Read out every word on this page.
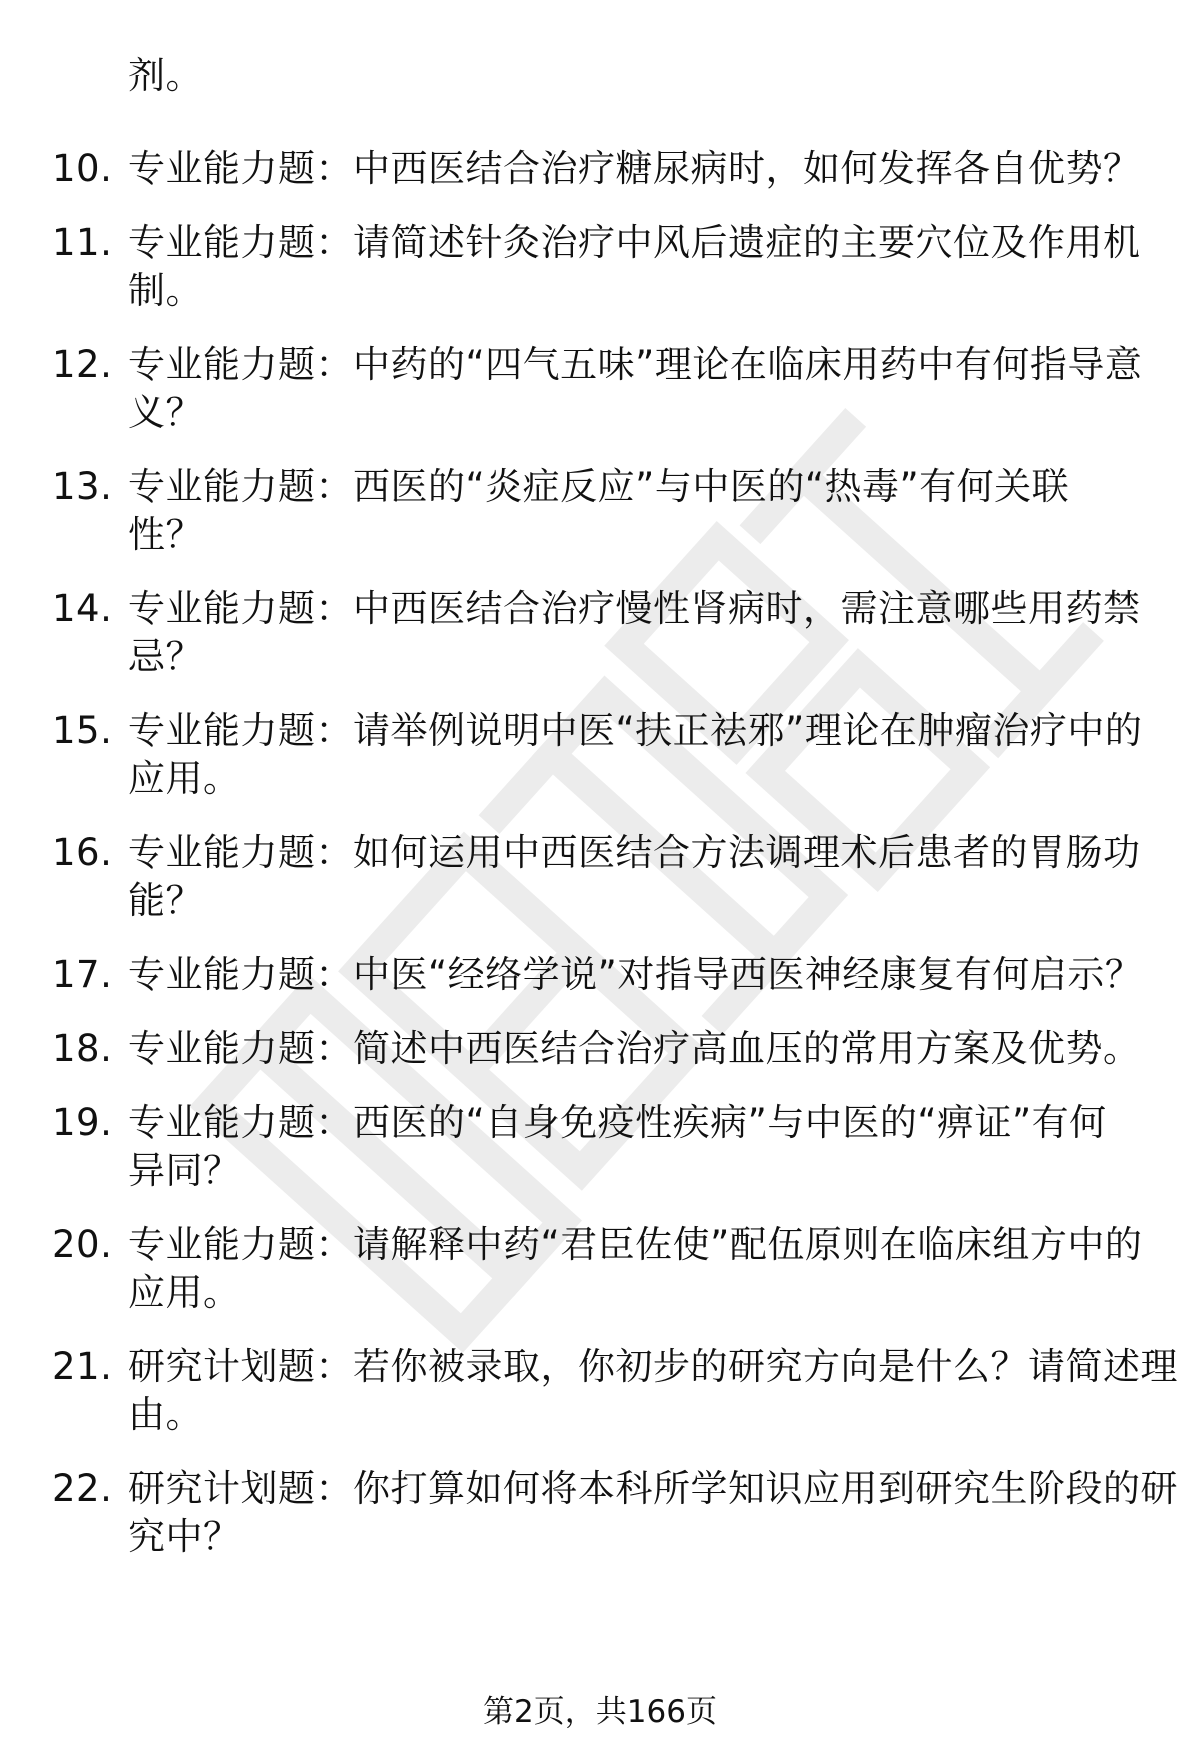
剂。
10. 专业能力题：中西医结合治疗糖尿病时，如何发挥各自优势？
11. 专业能力题：请简述针灸治疗中风后遗症的主要穴位及作用机
制。
12. 专业能力题：中药的“四气五味”理论在临床用药中有何指导意
义？
13. 专业能力题：西医的“炎症反应”与中医的“热毒”有何关联
性？
14. 专业能力题：中西医结合治疗慢性肾病时，需注意哪些用药禁
忌？
15. 专业能力题：请举例说明中医“扶正祛邪”理论在肿瘤治疗中的
应用。
16. 专业能力题：如何运用中西医结合方法调理术后患者的胃肠功
能？
17. 专业能力题：中医“经络学说”对指导西医神经康复有何启示？
18. 专业能力题：简述中西医结合治疗高血压的常用方案及优势。
19. 专业能力题：西医的“自身免疫性疾病”与中医的“痹证”有何
异同？
20. 专业能力题：请解释中药“君臣佐使”配伍原则在临床组方中的
应用。
21. 研究计划题：若你被录取，你初步的研究方向是什么？请简述理
由。
22. 研究计划题：你打算如何将本科所学知识应用到研究生阶段的研
究中？
第2页，共166页
